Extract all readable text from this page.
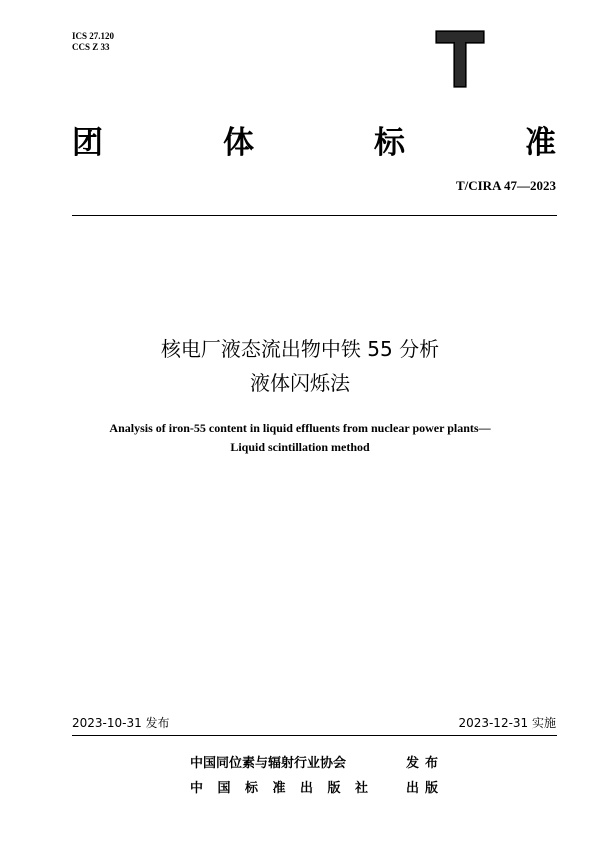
ICS 27.120
CCS Z 33
团	体	标	准
T/CIRA 47—2023
核电厂液态流出物中铁 55 分析
液体闪烁法
Analysis of iron-55 content in liquid effluents from nuclear power plants—
Liquid scintillation method
2023-10-31 发布	2023-12-31 实施
中国同位素与辐射行业协会	发布
中国标准出版社 出版
